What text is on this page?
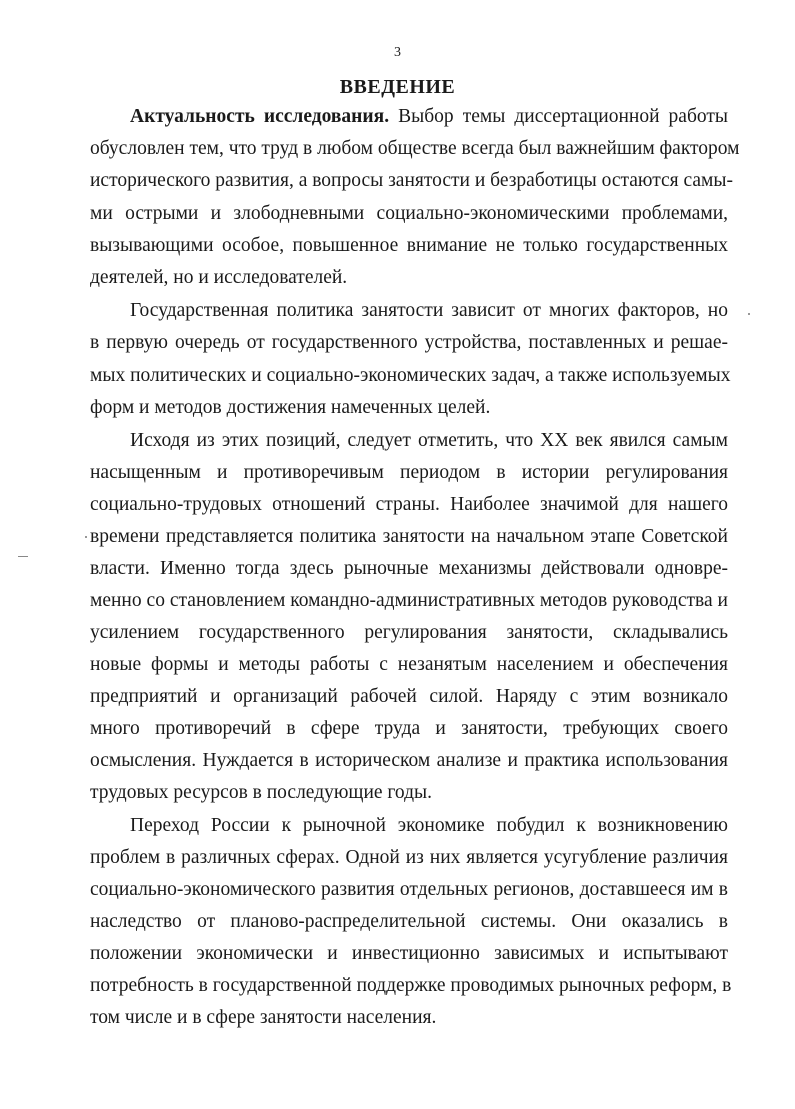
3
ВВЕДЕНИЕ
Актуальность исследования. Выбор темы диссертационной работы
обусловлен тем, что труд в любом обществе всегда был важнейшим фактором
исторического развития, а вопросы занятости и безработицы остаются самы-
ми острыми и злободневными социально-экономическими проблемами,
вызывающими особое, повышенное внимание не только государственных
деятелей, но и исследователей.
Государственная политика занятости зависит от многих факторов, но
в первую очередь от государственного устройства, поставленных и решае-
мых политических и социально-экономических задач, а также используемых
форм и методов достижения намеченных целей.
Исходя из этих позиций, следует отметить, что XX век явился самым
насыщенным и противоречивым периодом в истории регулирования
социально-трудовых отношений страны. Наиболее значимой для нашего
времени представляется политика занятости на начальном этапе Советской
власти. Именно тогда здесь рыночные механизмы действовали одновре-
менно со становлением командно-административных методов руководства и
усилением государственного регулирования занятости, складывались
новые формы и методы работы с незанятым населением и обеспечения
предприятий и организаций рабочей силой. Наряду с этим возникало
много противоречий в сфере труда и занятости, требующих своего
осмысления. Нуждается в историческом анализе и практика использования
трудовых ресурсов в последующие годы.
Переход России к рыночной экономике побудил к возникновению
проблем в различных сферах. Одной из них является усугубление различия
социально-экономического развития отдельных регионов, доставшееся им в
наследство от планово-распределительной системы. Они оказались в
положении экономически и инвестиционно зависимых и испытывают
потребность в государственной поддержке проводимых рыночных реформ, в
том числе и в сфере занятости населения.
